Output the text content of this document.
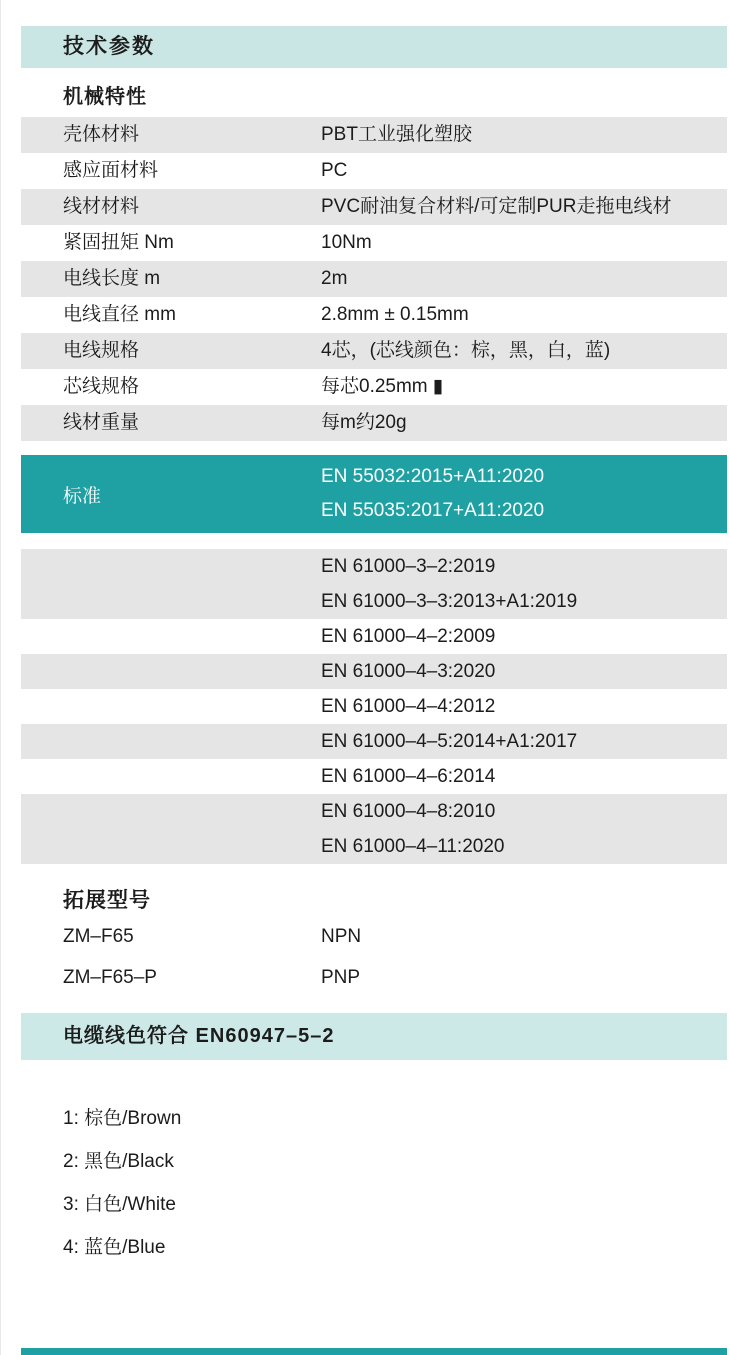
技术参数
机械特性
壳体材料	PBT工业强化塑胶
感应面材料	PC
线材材料	PVC耐油复合材料/可定制PUR走拖电线材
紧固扭矩 Nm	10Nm
电线长度 m	2m
电线直径 mm	2.8mm ± 0.15mm
电线规格	4芯，(芯线颜色：棕，黑，白，蓝)
芯线规格	每芯0.25mm ▮
线材重量	每m约20g
标准
EN 55032:2015+A11:2020
EN 55035:2017+A11:2020
EN 61000–3–2:2019
EN 61000–3–3:2013+A1:2019
EN 61000–4–2:2009
EN 61000–4–3:2020
EN 61000–4–4:2012
EN 61000–4–5:2014+A1:2017
EN 61000–4–6:2014
EN 61000–4–8:2010
EN 61000–4–11:2020
拓展型号
ZM–F65	NPN
ZM–F65–P	PNP
电缆线色符合 EN60947–5–2
1: 棕色/Brown
2: 黑色/Black
3: 白色/White
4: 蓝色/Blue
